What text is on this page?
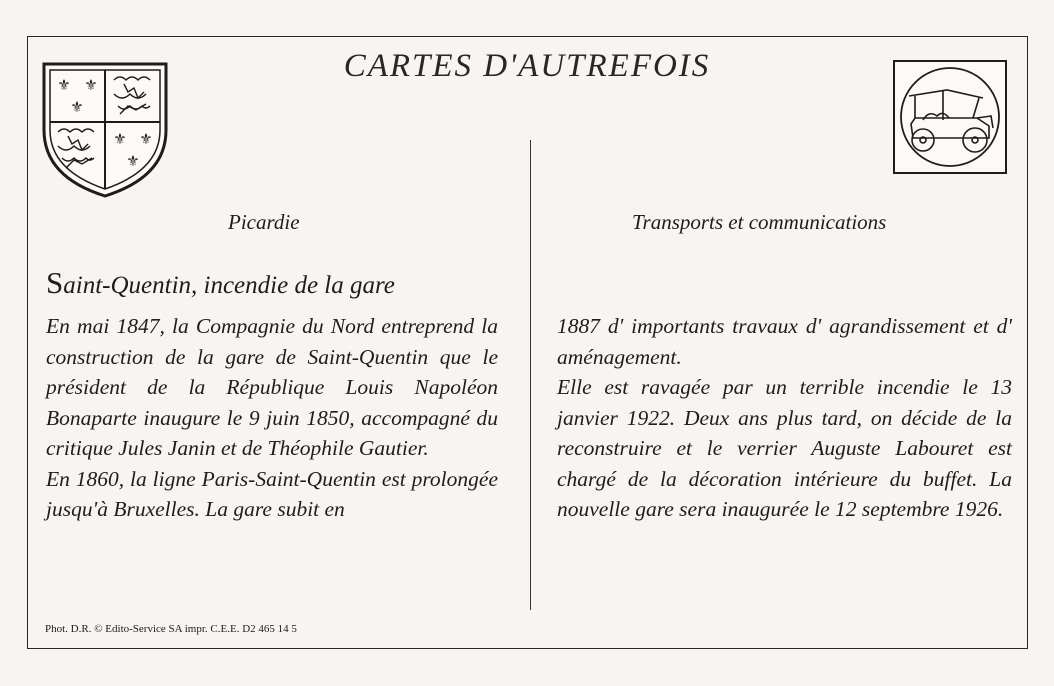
CARTES D'AUTREFOIS
⚜ ⚜
⚜
⚜ ⚜
⚜
Picardie	Transports et communications
Saint-Quentin, incendie de la gare

En mai 1847, la Compagnie du Nord entreprend la construction de la gare de Saint-Quentin que le président de la République Louis Napoléon Bonaparte inaugure le 9 juin 1850, accompagné du critique Jules Janin et de Théophile Gautier.

En 1860, la ligne Paris-Saint-Quentin est prolongée jusqu'à Bruxelles. La gare subit en

1887 d' importants travaux d' agrandissement et d' aménagement.

Elle est ravagée par un terrible incendie le 13 janvier 1922. Deux ans plus tard, on décide de la reconstruire et le verrier Auguste Labouret est chargé de la décoration intérieure du buffet. La nouvelle gare sera inaugurée le 12 septembre 1926.

Phot. D.R. © Edito-Service SA impr. C.E.E. D2 465 14 5
